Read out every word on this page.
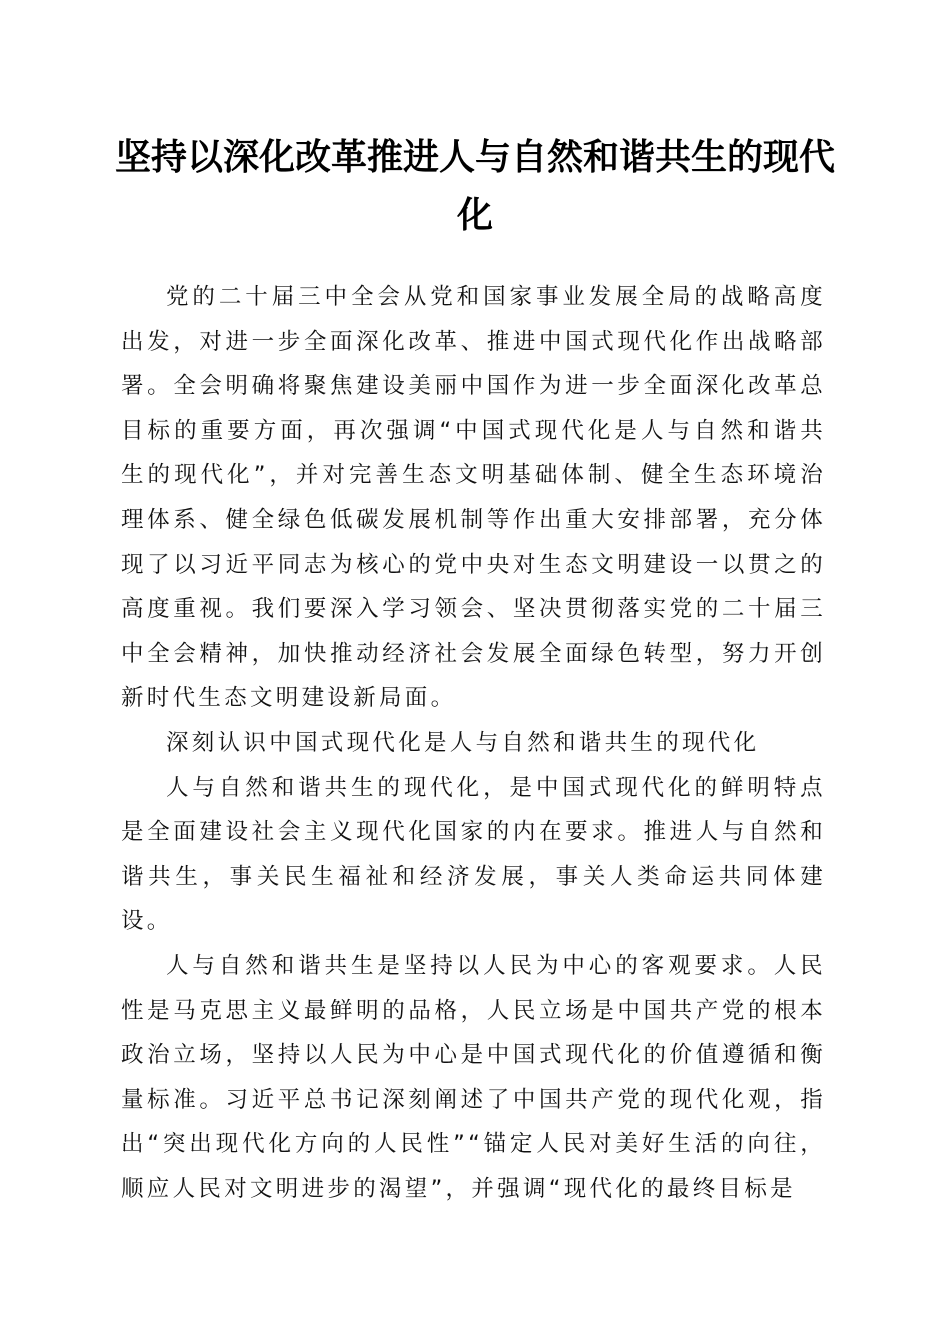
坚持以深化改革推进人与自然和谐共生的现代化

党的二十届三中全会从党和国家事业发展全局的战略高度出发，对进一步全面深化改革、推进中国式现代化作出战略部署。全会明确将聚焦建设美丽中国作为进一步全面深化改革总目标的重要方面，再次强调“中国式现代化是人与自然和谐共生的现代化”，并对完善生态文明基础体制、健全生态环境治理体系、健全绿色低碳发展机制等作出重大安排部署，充分体现了以习近平同志为核心的党中央对生态文明建设一以贯之的高度重视。我们要深入学习领会、坚决贯彻落实党的二十届三中全会精神，加快推动经济社会发展全面绿色转型，努力开创新时代生态文明建设新局面。

深刻认识中国式现代化是人与自然和谐共生的现代化

人与自然和谐共生的现代化，是中国式现代化的鲜明特点是全面建设社会主义现代化国家的内在要求。推进人与自然和谐共生，事关民生福祉和经济发展，事关人类命运共同体建设。

人与自然和谐共生是坚持以人民为中心的客观要求。人民性是马克思主义最鲜明的品格，人民立场是中国共产党的根本政治立场，坚持以人民为中心是中国式现代化的价值遵循和衡量标准。习近平总书记深刻阐述了中国共产党的现代化观，指出“突出现代化方向的人民性”“锚定人民对美好生活的向往，顺应人民对文明进步的渴望”，并强调“现代化的最终目标是
